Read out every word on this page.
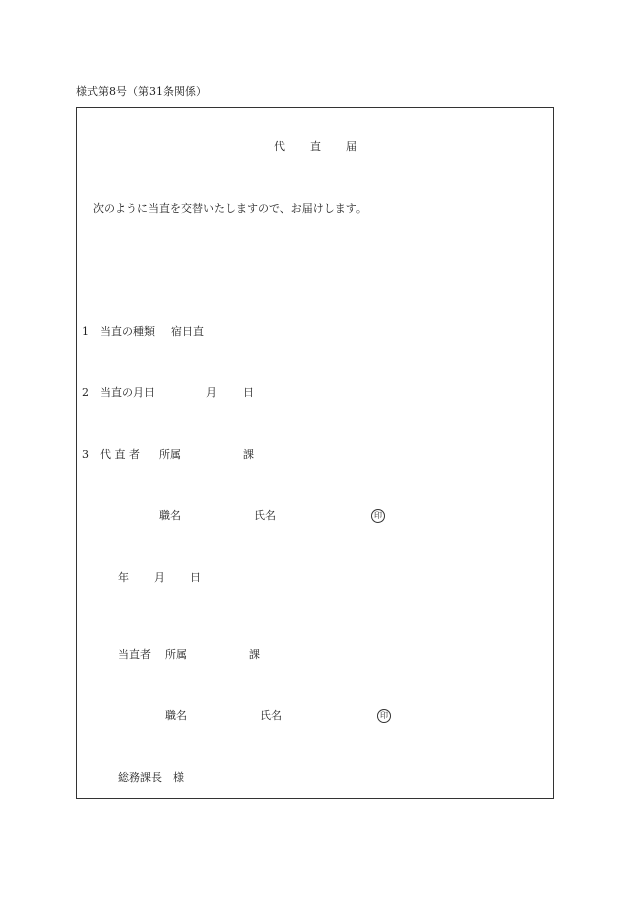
様式第8号（第31条関係）
代 直 届
次のように当直を交替いたしますので、お届けします。
1 当直の種類 宿日直
2 当直の月日	月 日
3 代 直 者 所属	課
職名	氏名	印
年 月 日
当直者 所属	課
職名	氏名	印
総務課長　様
